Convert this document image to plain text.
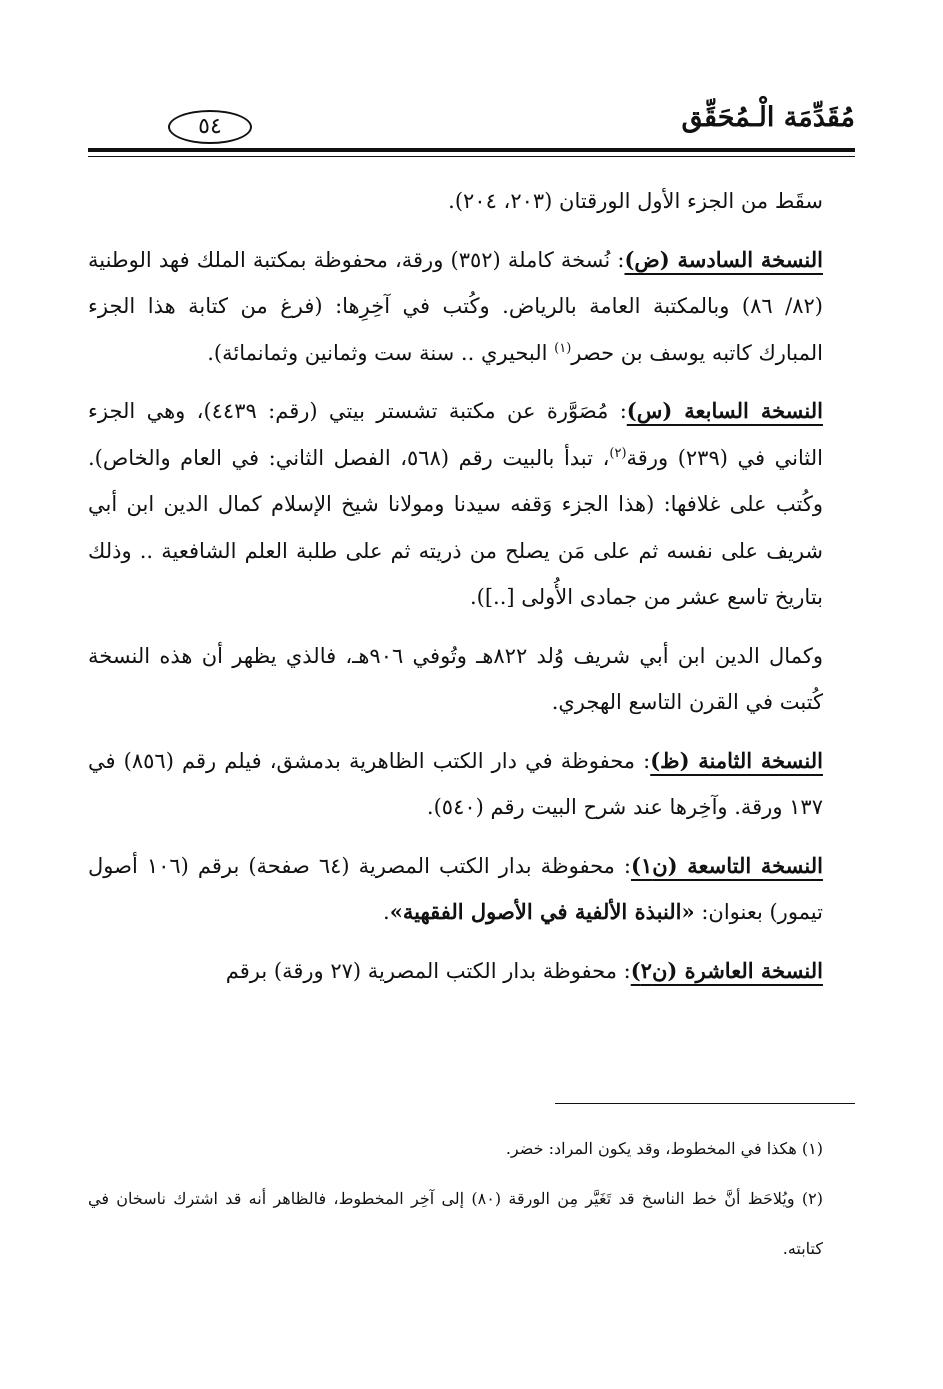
مُقَدِّمَة الْـمُحَقِّق
٥٤

سقَط من الجزء الأول الورقتان (٢٠٣، ٢٠٤).

النسخة السادسة (ض): نُسخة كاملة (٣٥٢) ورقة، محفوظة بمكتبة الملك فهد الوطنية (٨٢/ ٨٦) وبالمكتبة العامة بالرياض. وكُتب في آخِرِها: (فرغ من كتابة هذا الجزء المبارك كاتبه يوسف بن حصر$^{(١)}$ البحيري .. سنة ست وثمانين وثمانمائة).

النسخة السابعة (س): مُصَوَّرة عن مكتبة تشستر بيتي (رقم: ٤٤٣٩)، وهي الجزء الثاني في (٢٣٩) ورقة$^{(٢)}$، تبدأ بالبيت رقم (٥٦٨، الفصل الثاني: في العام والخاص). وكُتب على غلافها: (هذا الجزء وَقفه سيدنا ومولانا شيخ الإسلام كمال الدين ابن أبي شريف على نفسه ثم على مَن يصلح من ذريته ثم على طلبة العلم الشافعية .. وذلك بتاريخ تاسع عشر من جمادى الأُولى [..]).

وكمال الدين ابن أبي شريف وُلد ٨٢٢هـ وتُوفي ٩٠٦هـ، فالذي يظهر أن هذه النسخة كُتبت في القرن التاسع الهجري.

النسخة الثامنة (ظ): محفوظة في دار الكتب الظاهرية بدمشق، فيلم رقم (٨٥٦) في ١٣٧ ورقة. وآخِرها عند شرح البيت رقم (٥٤٠).

النسخة التاسعة (ن١): محفوظة بدار الكتب المصرية (٦٤ صفحة) برقم (١٠٦ أصول تيمور) بعنوان: «النبذة الألفية في الأصول الفقهية».

النسخة العاشرة (ن٢): محفوظة بدار الكتب المصرية (٢٧ ورقة) برقم

(١) هكذا في المخطوط، وقد يكون المراد: خضر.

(٢) ويُلاحَظ أنَّ خط الناسخ قد تَغَيَّر مِن الورقة (٨٠) إلى آخِر المخطوط، فالظاهر أنه قد اشترك ناسخان في كتابته.
